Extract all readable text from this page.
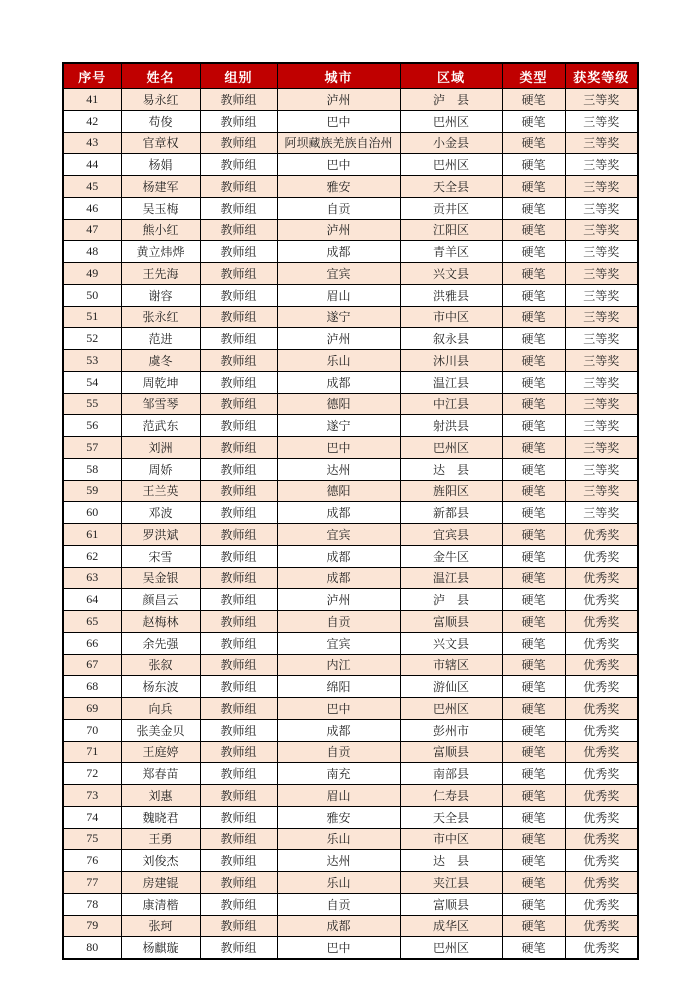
序号	姓名	组别	城市	区域	类型	获奖等级
41	易永红	教师组	泸州	泸　县	硬笔	三等奖
42	苟俊	教师组	巴中	巴州区	硬笔	三等奖
43	官章权	教师组	阿坝藏族羌族自治州	小金县	硬笔	三等奖
44	杨娟	教师组	巴中	巴州区	硬笔	三等奖
45	杨建军	教师组	雅安	天全县	硬笔	三等奖
46	吴玉梅	教师组	自贡	贡井区	硬笔	三等奖
47	熊小红	教师组	泸州	江阳区	硬笔	三等奖
48	黄立炜烨	教师组	成都	青羊区	硬笔	三等奖
49	王先海	教师组	宜宾	兴文县	硬笔	三等奖
50	谢容	教师组	眉山	洪雅县	硬笔	三等奖
51	张永红	教师组	遂宁	市中区	硬笔	三等奖
52	范进	教师组	泸州	叙永县	硬笔	三等奖
53	虞冬	教师组	乐山	沐川县	硬笔	三等奖
54	周乾坤	教师组	成都	温江县	硬笔	三等奖
55	邹雪琴	教师组	德阳	中江县	硬笔	三等奖
56	范武东	教师组	遂宁	射洪县	硬笔	三等奖
57	刘洲	教师组	巴中	巴州区	硬笔	三等奖
58	周娇	教师组	达州	达　县	硬笔	三等奖
59	王兰英	教师组	德阳	旌阳区	硬笔	三等奖
60	邓波	教师组	成都	新都县	硬笔	三等奖
61	罗洪斌	教师组	宜宾	宜宾县	硬笔	优秀奖
62	宋雪	教师组	成都	金牛区	硬笔	优秀奖
63	吴金银	教师组	成都	温江县	硬笔	优秀奖
64	颜昌云	教师组	泸州	泸　县	硬笔	优秀奖
65	赵梅林	教师组	自贡	富顺县	硬笔	优秀奖
66	余先强	教师组	宜宾	兴文县	硬笔	优秀奖
67	张叙	教师组	内江	市辖区	硬笔	优秀奖
68	杨东波	教师组	绵阳	游仙区	硬笔	优秀奖
69	向兵	教师组	巴中	巴州区	硬笔	优秀奖
70	张美金贝	教师组	成都	彭州市	硬笔	优秀奖
71	王庭婷	教师组	自贡	富顺县	硬笔	优秀奖
72	郑春苗	教师组	南充	南部县	硬笔	优秀奖
73	刘惠	教师组	眉山	仁寿县	硬笔	优秀奖
74	魏晓君	教师组	雅安	天全县	硬笔	优秀奖
75	王勇	教师组	乐山	市中区	硬笔	优秀奖
76	刘俊杰	教师组	达州	达　县	硬笔	优秀奖
77	房建锟	教师组	乐山	夹江县	硬笔	优秀奖
78	康清楷	教师组	自贡	富顺县	硬笔	优秀奖
79	张珂	教师组	成都	成华区	硬笔	优秀奖
80	杨麒璇	教师组	巴中	巴州区	硬笔	优秀奖
